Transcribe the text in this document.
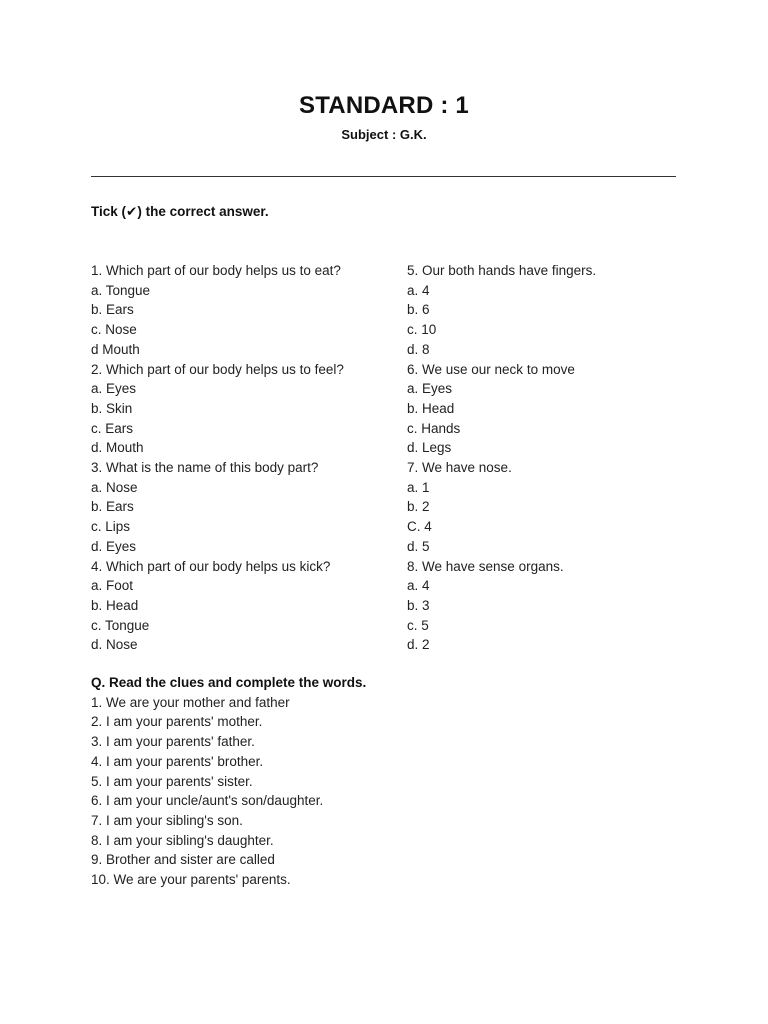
STANDARD : 1
Subject : G.K.
Tick (✔) the correct answer.
1. Which part of our body helps us to eat?
a. Tongue
b. Ears
c. Nose
d Mouth
2. Which part of our body helps us to feel?
a. Eyes
b. Skin
c. Ears
d. Mouth
3. What is the name of this body part?
a. Nose
b. Ears
c. Lips
d. Eyes
4. Which part of our body helps us kick?
a. Foot
b. Head
c. Tongue
d. Nose
5. Our both hands have fingers.
a. 4
b. 6
c. 10
d. 8
6. We use our neck to move
a. Eyes
b. Head
c. Hands
d. Legs
7. We have nose.
a. 1
b. 2
C. 4
d. 5
8. We have sense organs.
a. 4
b. 3
c. 5
d. 2
Q. Read the clues and complete the words.
1. We are your mother and father
2. I am your parents' mother.
3. I am your parents' father.
4. I am your parents' brother.
5. I am your parents' sister.
6. I am your uncle/aunt's son/daughter.
7. I am your sibling's son.
8. I am your sibling's daughter.
9. Brother and sister are called
10. We are your parents' parents.
